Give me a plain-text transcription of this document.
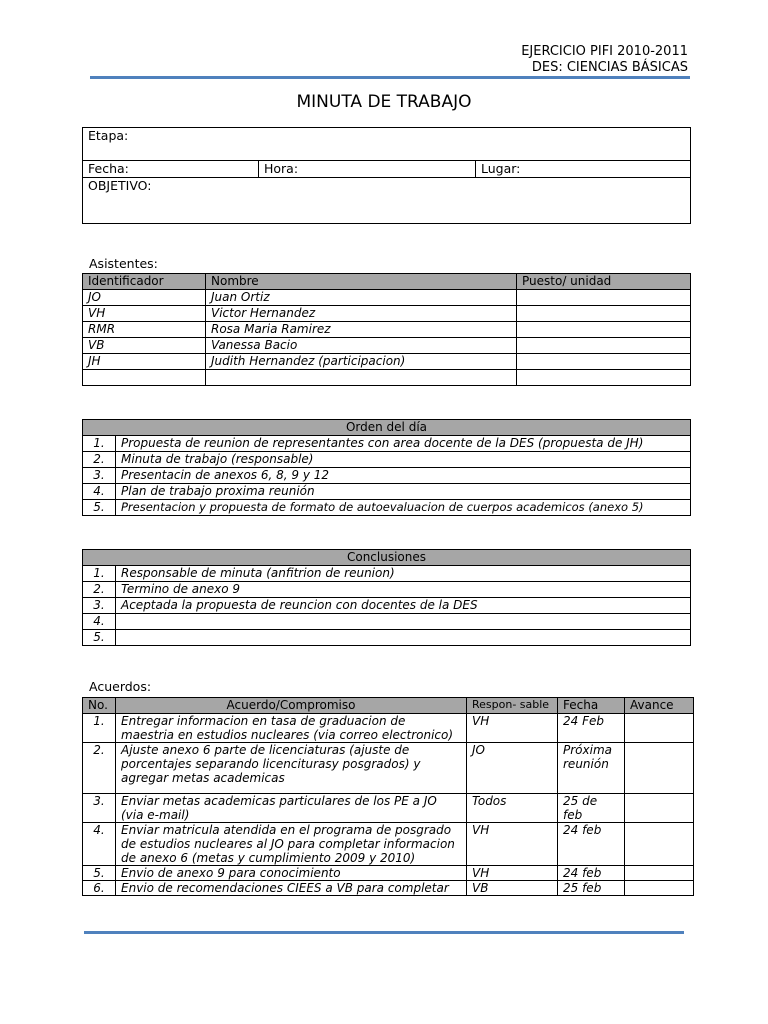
EJERCICIO PIFI 2010-2011
DES: CIENCIAS BÁSICAS
MINUTA DE TRABAJO
Etapa:
Fecha:	Hora:	Lugar:
OBJETIVO:
Asistentes:
Identificador	Nombre	Puesto/ unidad
JO	Juan Ortiz	
VH	Victor Hernandez	
RMR	Rosa Maria Ramirez	
VB	Vanessa Bacio	
JH	Judith Hernandez (participacion)	

Orden del día	
1.	Propuesta de reunion de representantes con area docente de la DES (propuesta de JH)
2.	Minuta de trabajo (responsable)
3.	Presentacin de anexos 6, 8, 9 y 12
4.	Plan de trabajo proxima reunión
5.	Presentacion y propuesta de formato de autoevaluacion de cuerpos academicos (anexo 5)
Conclusiones	
1.	Responsable de minuta (anfitrion de reunion)
2.	Termino de anexo 9
3.	Aceptada la propuesta de reuncion con docentes de la DES
4.	
5.	
Acuerdos:
No.	Acuerdo/Compromiso	Respon- sable	Fecha	Avance
1.	Entregar informacion en tasa de graduacion de maestria en estudios nucleares (via correo electronico)	VH	24 Feb	
2.	Ajuste anexo 6 parte de licenciaturas (ajuste de porcentajes separando licenciturasy posgrados) y agregar metas academicas	JO	Próxima reunión	
3.	Enviar metas academicas particulares de los PE a JO (via e-mail)	Todos	25 de feb	
4.	Enviar matricula atendida en el programa de posgrado de estudios nucleares al JO para completar informacion de anexo 6 (metas y cumplimiento 2009 y 2010)	VH	24 feb	
5.	Envio de anexo 9 para conocimiento	VH	24 feb	
6.	Envio de recomendaciones CIEES a VB para completar	VB	25 feb	
